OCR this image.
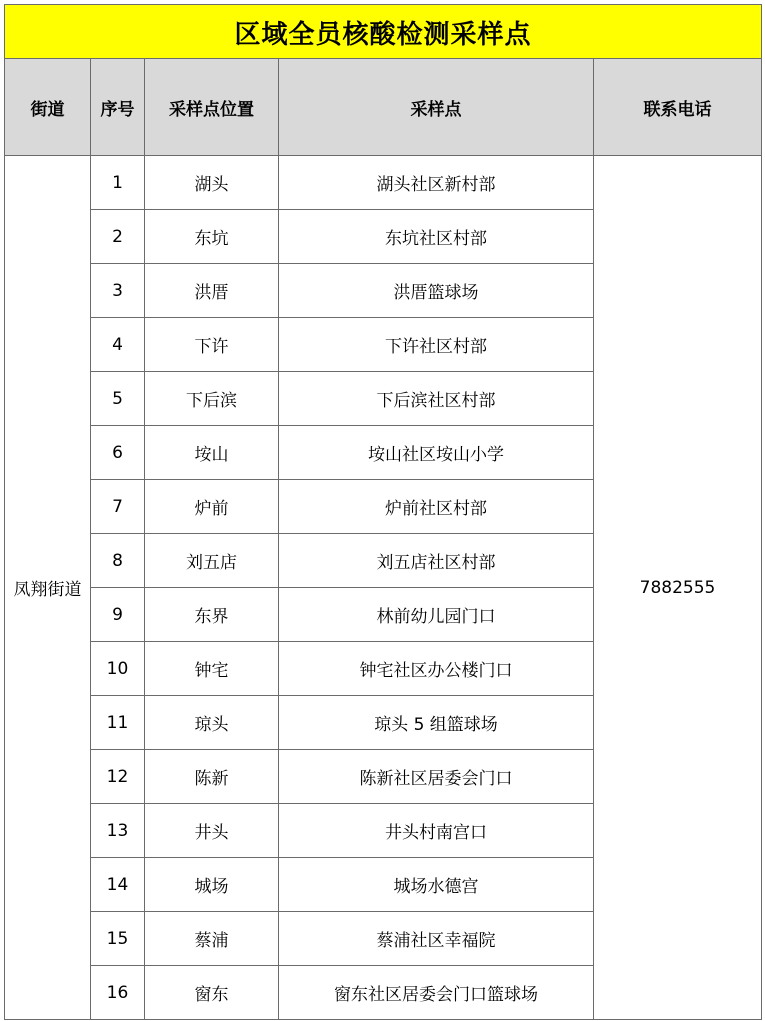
区域全员核酸检测采样点
街道	序号	采样点位置	采样点	联系电话
凤翔街道	1	湖头	湖头社区新村部	7882555
	2	东坑	东坑社区村部	
	3	洪厝	洪厝篮球场	
	4	下许	下许社区村部	
	5	下后滨	下后滨社区村部	
	6	垵山	垵山社区垵山小学	
	7	炉前	炉前社区村部	
	8	刘五店	刘五店社区村部	
	9	东界	林前幼儿园门口	
	10	钟宅	钟宅社区办公楼门口	
	11	琼头	琼头 5 组篮球场	
	12	陈新	陈新社区居委会门口	
	13	井头	井头村南宫口	
	14	城场	城场水德宫	
	15	蔡浦	蔡浦社区幸福院	
	16	窗东	窗东社区居委会门口篮球场	
